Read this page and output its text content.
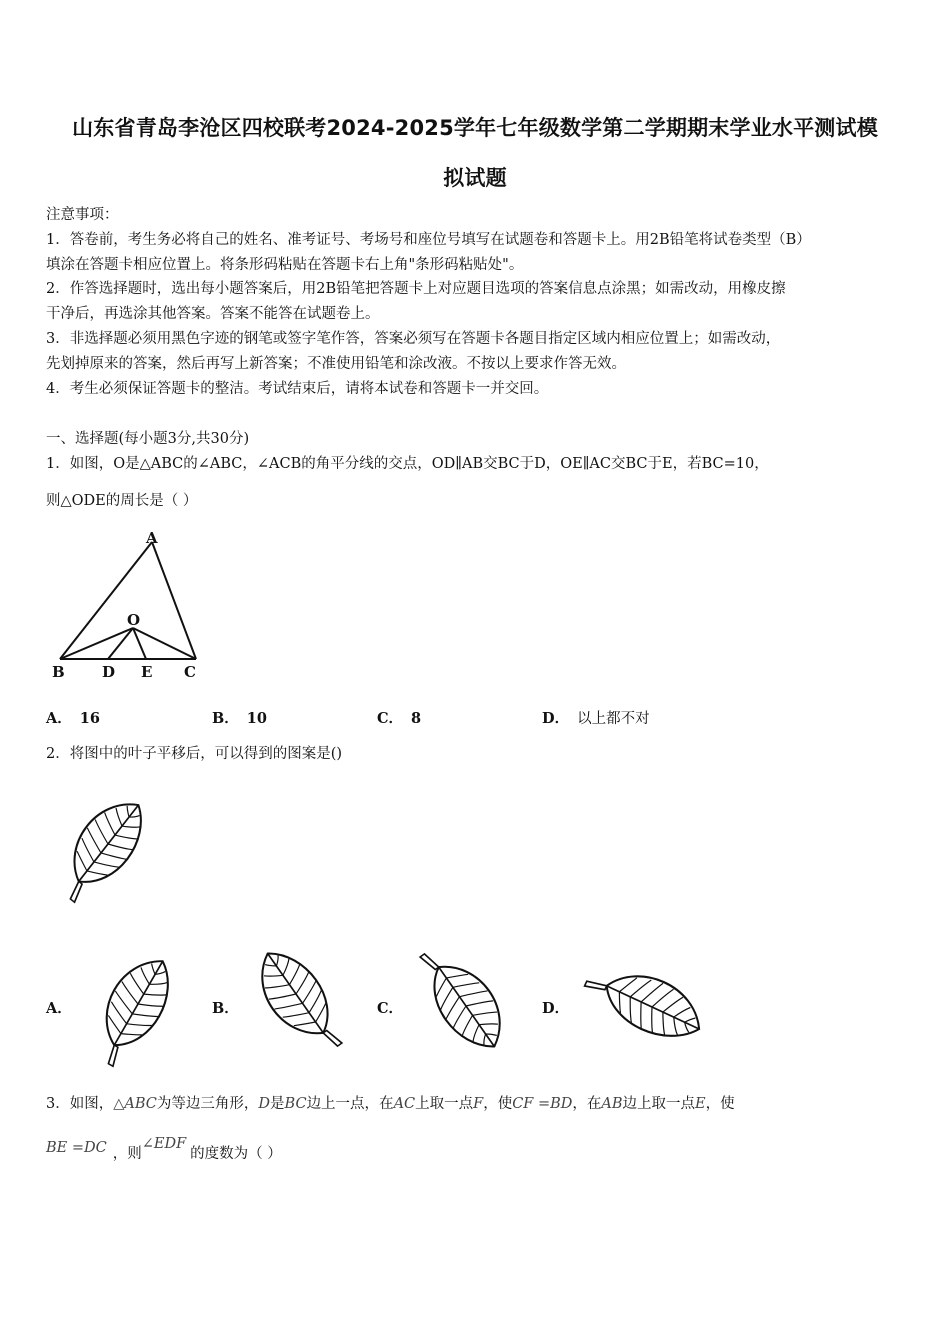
山东省青岛李沧区四校联考2024-2025学年七年级数学第二学期期末学业水平测试模
拟试题
注意事项：
1．答卷前，考生务必将自己的姓名、准考证号、考场号和座位号填写在试题卷和答题卡上。用2B铅笔将试卷类型（B）
填涂在答题卡相应位置上。将条形码粘贴在答题卡右上角"条形码粘贴处"。
2．作答选择题时，选出每小题答案后，用2B铅笔把答题卡上对应题目选项的答案信息点涂黑；如需改动，用橡皮擦
干净后，再选涂其他答案。答案不能答在试题卷上。
3．非选择题必须用黑色字迹的钢笔或签字笔作答，答案必须写在答题卡各题目指定区域内相应位置上；如需改动，
先划掉原来的答案，然后再写上新答案；不准使用铅笔和涂改液。不按以上要求作答无效。
4．考生必须保证答题卡的整洁。考试结束后，请将本试卷和答题卡一并交回。
一、选择题(每小题3分,共30分)
1．如图，O是△ABC的∠ABC，∠ACB的角平分线的交点，OD∥AB交BC于D，OE∥AC交BC于E，若BC=10，
则△ODE的周长是（ ）
A
O
B D E C
A． 16	B． 10	C． 8	D． 以上都不对
2．将图中的叶子平移后，可以得到的图案是()
A．	B．	C．	D．
3．如图，△ABC为等边三角形，D是BC边上一点，在AC上取一点F，使CF =BD，在AB边上取一点E，使
BE =DC ，则∠EDF的度数为（ ）
